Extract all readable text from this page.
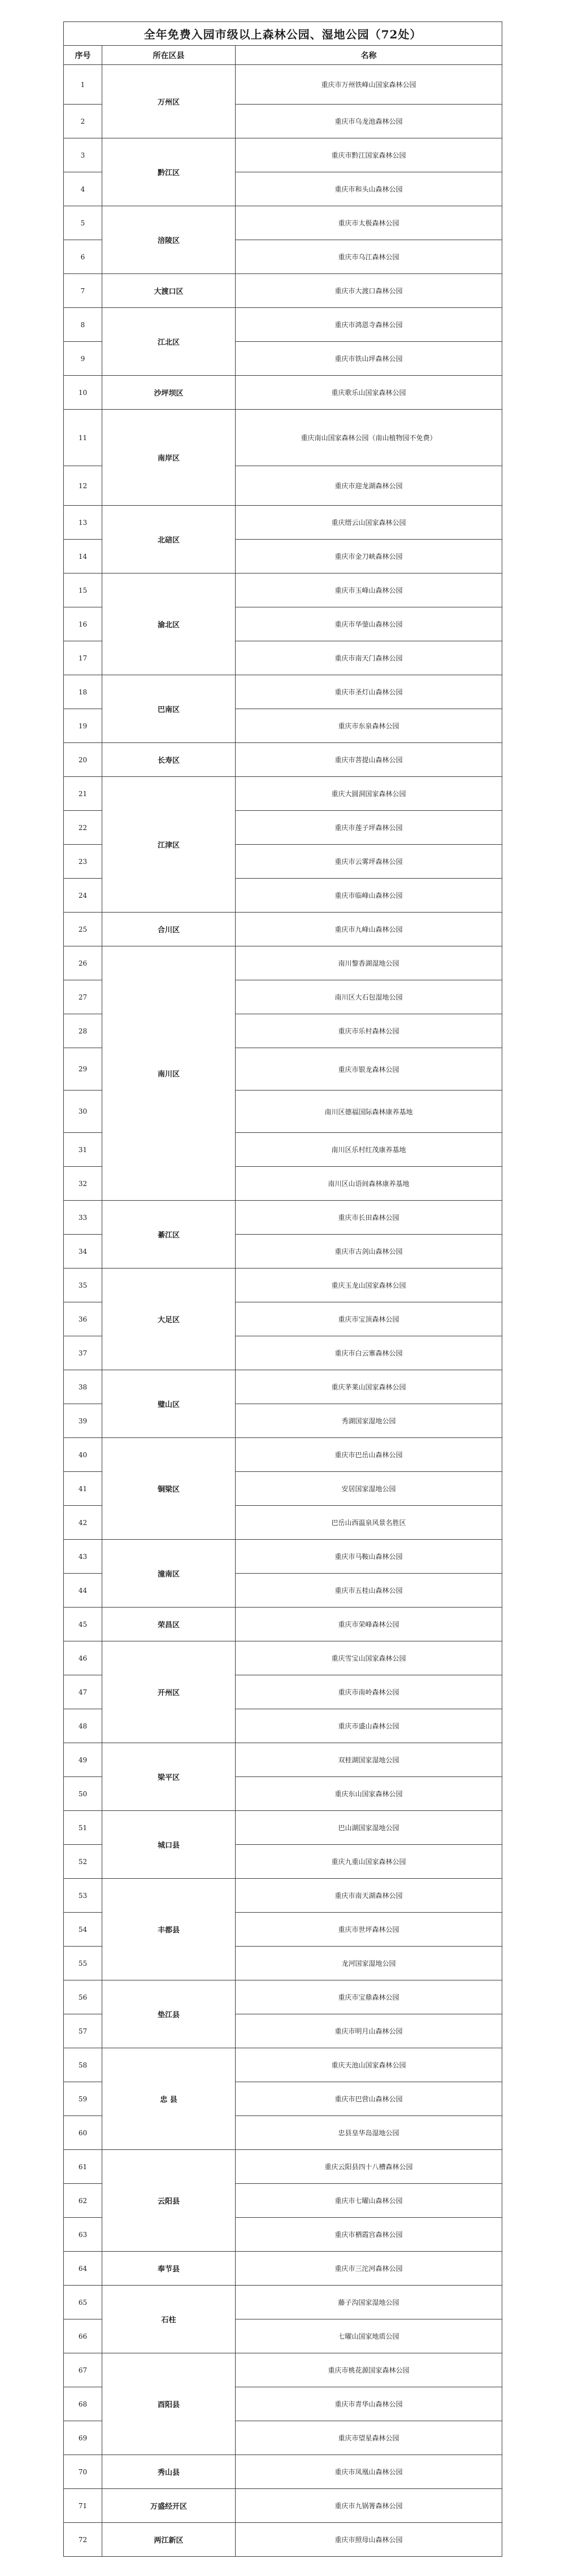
全年免费入园市级以上森林公园、湿地公园（72处）		
序号	所在区县	名称
1	万州区	重庆市万州铁峰山国家森林公园
2		重庆市乌龙池森林公园
3	黔江区	重庆市黔江国家森林公园
4		重庆市和头山森林公园
5	涪陵区	重庆市太极森林公园
6		重庆市乌江森林公园
7	大渡口区	重庆市大渡口森林公园
8	江北区	重庆市鸿恩寺森林公园
9		重庆市铁山坪森林公园
10	沙坪坝区	重庆歌乐山国家森林公园
11	南岸区	重庆南山国家森林公园（南山植物园不免费）
12		重庆市迎龙湖森林公园
13	北碚区	重庆缙云山国家森林公园
14		重庆市金刀峡森林公园
15	渝北区	重庆市玉峰山森林公园
16		重庆市华蓥山森林公园
17		重庆市南天门森林公园
18	巴南区	重庆市圣灯山森林公园
19		重庆市东泉森林公园
20	长寿区	重庆市菩提山森林公园
21	江津区	重庆大圆洞国家森林公园
22		重庆市莲子坪森林公园
23		重庆市云雾坪森林公园
24		重庆市临峰山森林公园
25	合川区	重庆市九峰山森林公园
26	南川区	南川黎香湖湿地公园
27		南川区大石包湿地公园
28		重庆市乐村森林公园
29		重庆市银龙森林公园
30		南川区德福国际森林康养基地
31		南川区乐村红茂康养基地
32		南川区山语间森林康养基地
33	綦江区	重庆市长田森林公园
34		重庆市古剑山森林公园
35	大足区	重庆玉龙山国家森林公园
36		重庆市宝顶森林公园
37		重庆市白云寨森林公园
38	璧山区	重庆茅莱山国家森林公园
39		秀湖国家湿地公园
40	铜梁区	重庆市巴岳山森林公园
41		安居国家湿地公园
42		巴岳山西温泉风景名胜区
43	潼南区	重庆市马鞍山森林公园
44		重庆市五桂山森林公园
45	荣昌区	重庆市荣峰森林公园
46	开州区	重庆雪宝山国家森林公园
47		重庆市南岭森林公园
48		重庆市盛山森林公园
49	梁平区	双桂湖国家湿地公园
50		重庆东山国家森林公园
51	城口县	巴山湖国家湿地公园
52		重庆九重山国家森林公园
53	丰都县	重庆市南天湖森林公园
54		重庆市世坪森林公园
55		龙河国家湿地公园
56	垫江县	重庆市宝鼎森林公园
57		重庆市明月山森林公园
58	忠 县	重庆天池山国家森林公园
59		重庆市巴营山森林公园
60		忠县皇华岛湿地公园
61	云阳县	重庆云阳县四十八槽森林公园
62		重庆市七曜山森林公园
63		重庆市栖霞宫森林公园
64	奉节县	重庆市三沱河森林公园
65	石柱	藤子沟国家湿地公园
66		七曜山国家地质公园
67	酉阳县	重庆市桃花源国家森林公园
68		重庆市青华山森林公园
69		重庆市望星森林公园
70	秀山县	重庆市凤凰山森林公园
71	万盛经开区	重庆市九锅箐森林公园
72	两江新区	重庆市照母山森林公园
